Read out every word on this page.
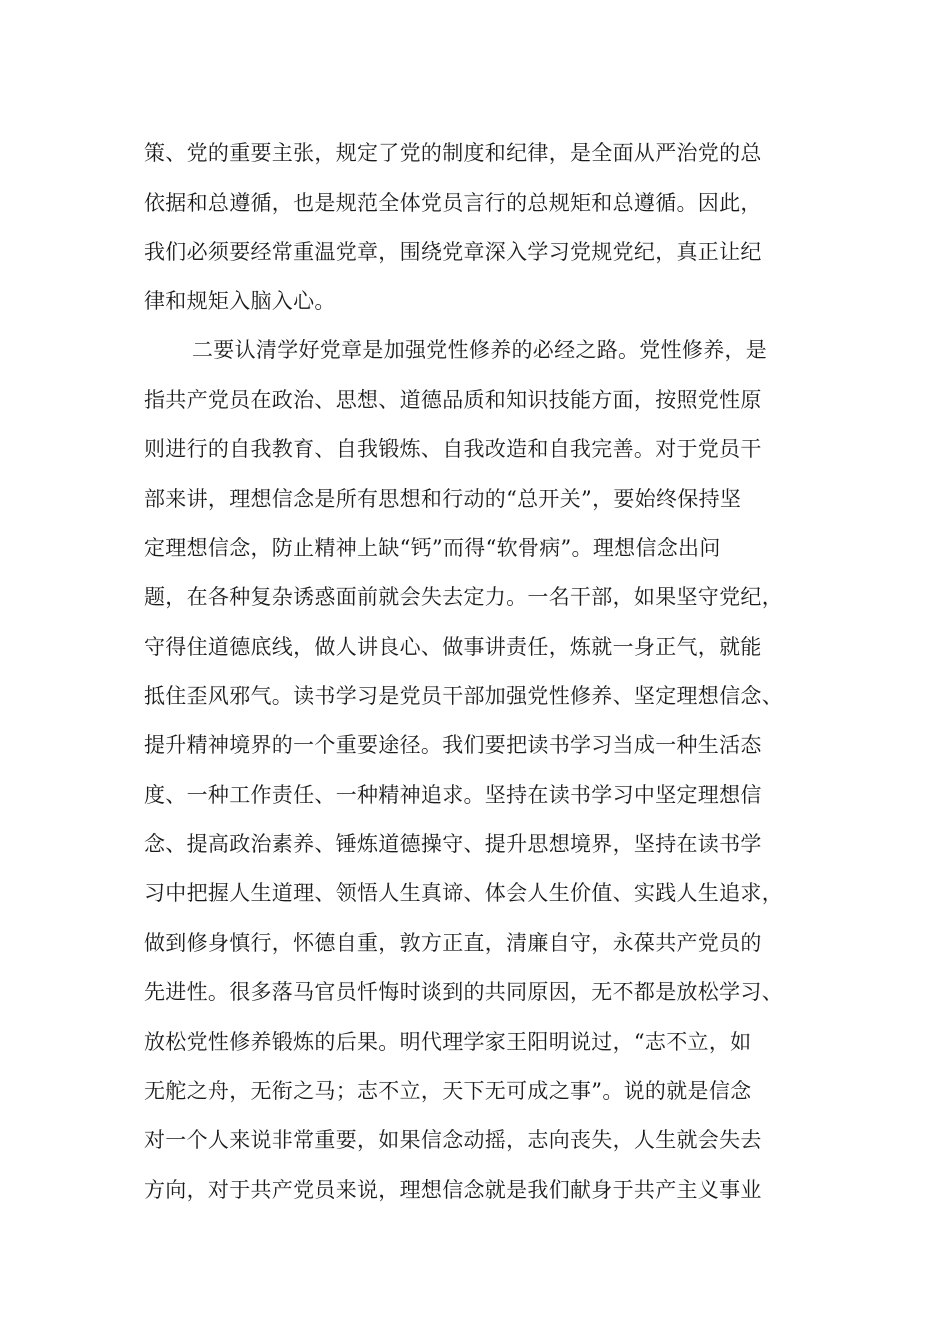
策、党的重要主张，规定了党的制度和纪律，是全面从严治党的总
依据和总遵循，也是规范全体党员言行的总规矩和总遵循。因此，
我们必须要经常重温党章，围绕党章深入学习党规党纪，真正让纪
律和规矩入脑入心。
二要认清学好党章是加强党性修养的必经之路。党性修养，是
指共产党员在政治、思想、道德品质和知识技能方面，按照党性原
则进行的自我教育、自我锻炼、自我改造和自我完善。对于党员干
部来讲，理想信念是所有思想和行动的“总开关”，要始终保持坚
定理想信念，防止精神上缺“钙”而得“软骨病”。理想信念出问
题，在各种复杂诱惑面前就会失去定力。一名干部，如果坚守党纪，
守得住道德底线，做人讲良心、做事讲责任，炼就一身正气，就能
抵住歪风邪气。读书学习是党员干部加强党性修养、坚定理想信念、
提升精神境界的一个重要途径。我们要把读书学习当成一种生活态
度、一种工作责任、一种精神追求。坚持在读书学习中坚定理想信
念、提高政治素养、锤炼道德操守、提升思想境界，坚持在读书学
习中把握人生道理、领悟人生真谛、体会人生价值、实践人生追求，
做到修身慎行，怀德自重，敦方正直，清廉自守，永葆共产党员的
先进性。很多落马官员忏悔时谈到的共同原因，无不都是放松学习、
放松党性修养锻炼的后果。明代理学家王阳明说过，“志不立，如
无舵之舟，无衔之马；志不立，天下无可成之事”。说的就是信念
对一个人来说非常重要，如果信念动摇，志向丧失，人生就会失去
方向，对于共产党员来说，理想信念就是我们献身于共产主义事业
